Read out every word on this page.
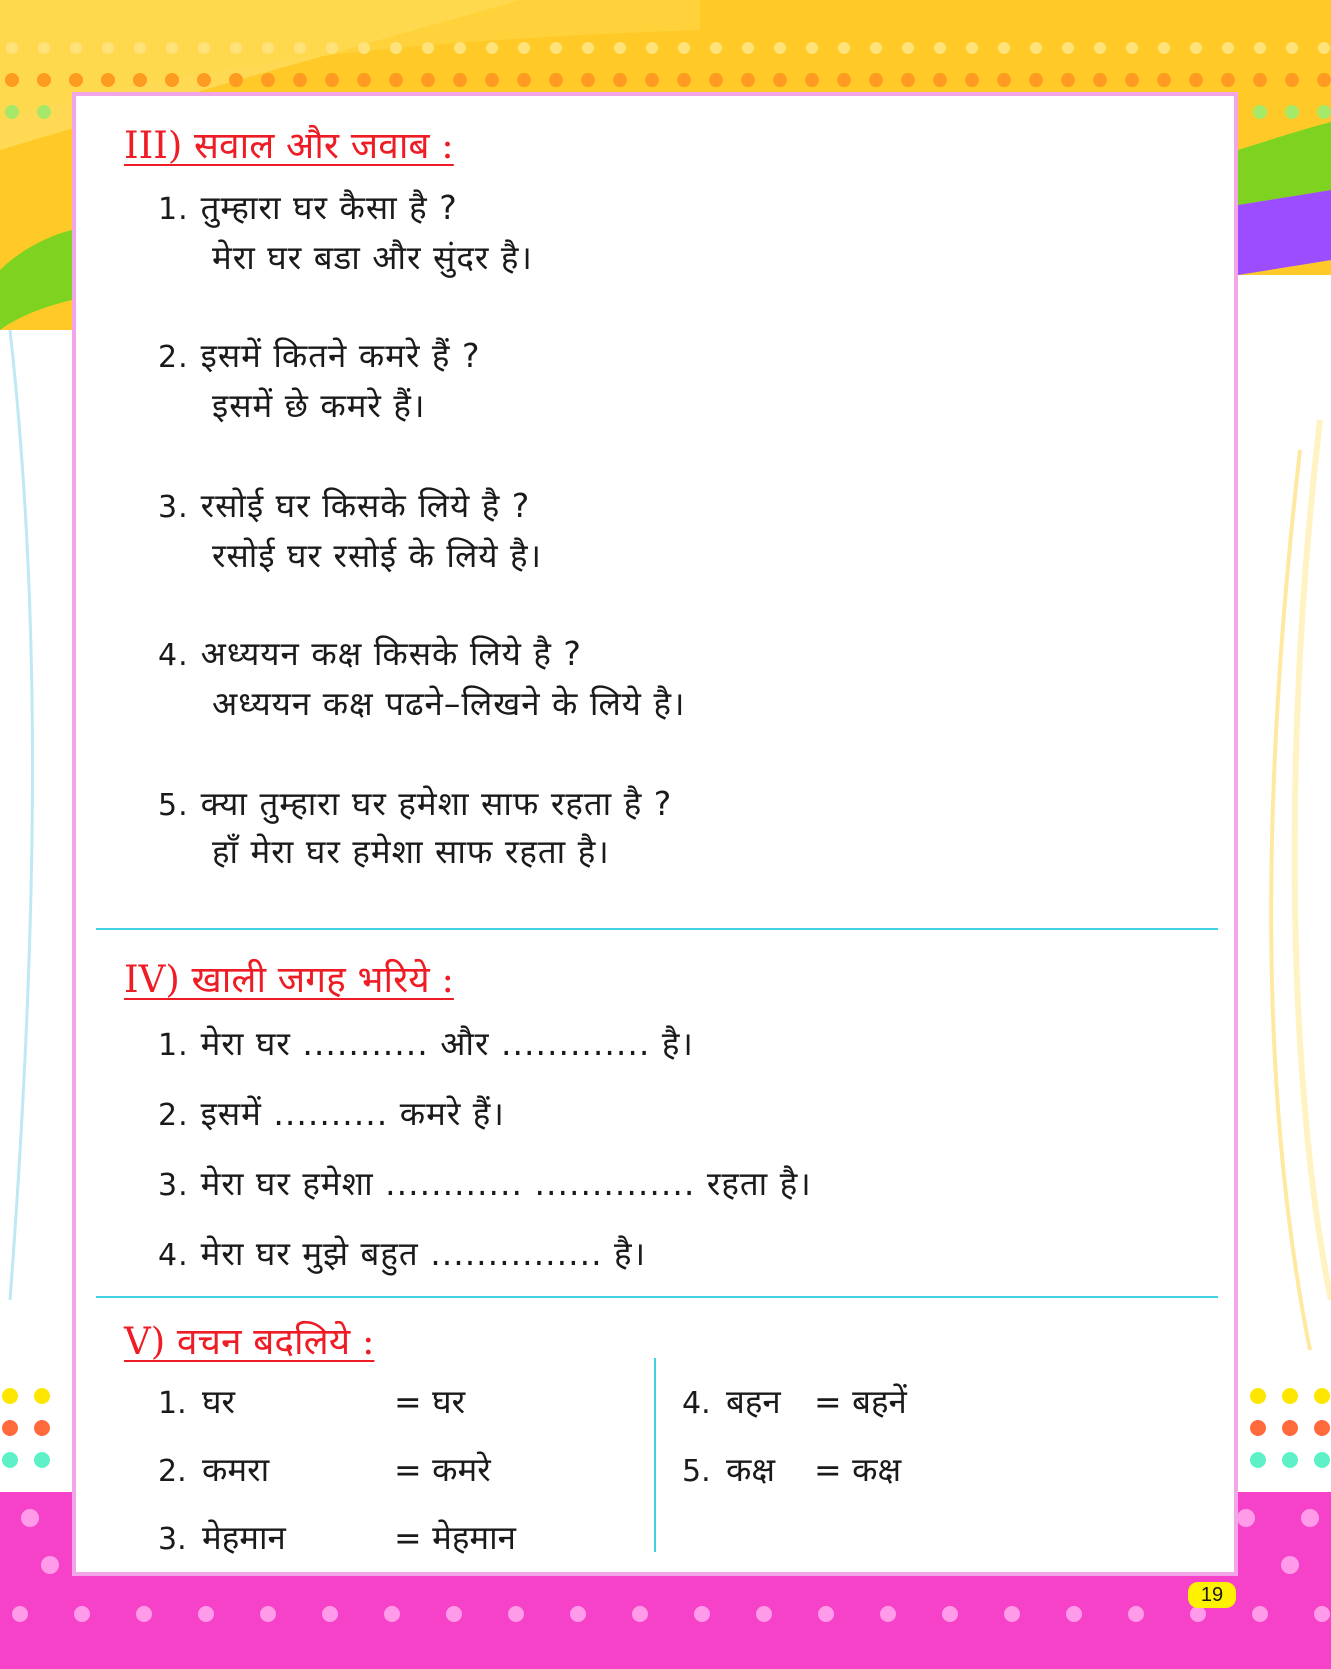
III) सवाल और जवाब :
1. तुम्हारा घर कैसा है ?
मेरा घर बडा और सुंदर है।
2. इसमें कितने कमरे हैं ?
इसमें छे कमरे हैं।
3. रसोई घर किसके लिये है ?
रसोई घर रसोई के लिये है।
4. अध्ययन कक्ष किसके लिये है ?
अध्ययन कक्ष पढने–लिखने के लिये है।
5. क्या तुम्हारा घर हमेशा साफ रहता है ?
हाँ मेरा घर हमेशा साफ रहता है।
IV) खाली जगह भरिये :
1. मेरा घर ........... और ............. है।
2. इसमें .......... कमरे हैं।
3. मेरा घर हमेशा ............ .............. रहता है।
4. मेरा घर मुझे बहुत ............... है।
V) वचन बदलिये :
1. घर	= घर
2. कमरा	= कमरे
3. मेहमान	= मेहमान
4. बहन = बहनें
5. कक्ष = कक्ष
19
